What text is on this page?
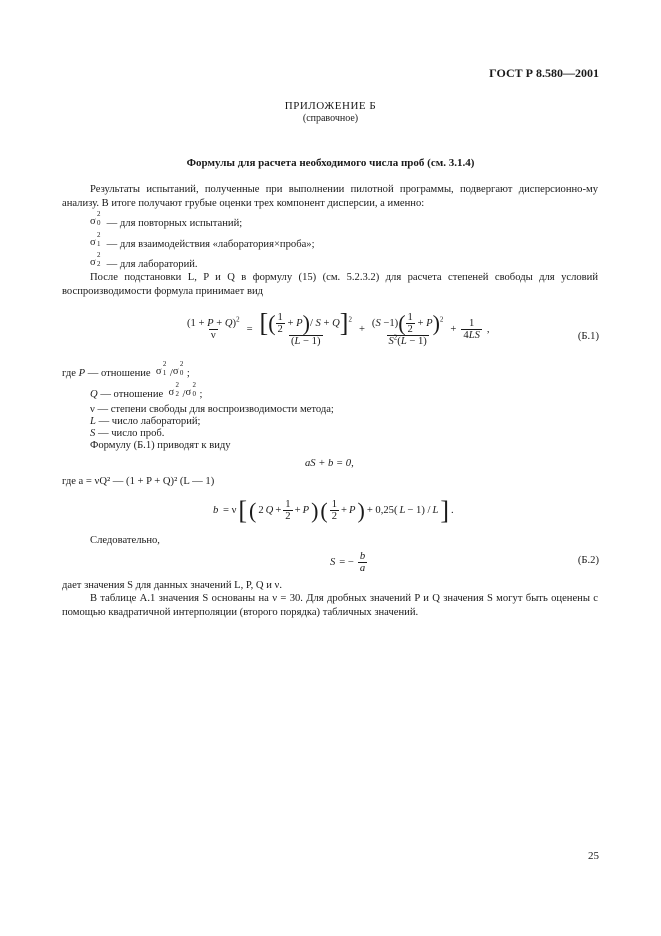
ГОСТ Р 8.580—2001
ПРИЛОЖЕНИЕ Б
(справочное)
Формулы для расчета необходимого числа проб (см. 3.1.4)
Результаты испытаний, полученные при выполнении пилотной программы, подвергают дисперсионно-му анализу. В итоге получают грубые оценки трех компонент дисперсии, а именно:
σ
2
0 — для повторных испытаний;
σ
2
1 — для взаимодействия «лаборатория×проба»;
σ
2
2 — для лабораторий.
После подстановки L, P и Q в формулу (15) (см. 5.2.3.2) для расчета степеней свободы для условий воспроизводимости формула принимает вид
$\frac{(1 + P + Q)^2}{\nu} = \frac{[( \frac{1}{2} + P)/ S + Q]^2}{(L - 1)} + \frac{(S -1)( \frac{1}{2} + P)^2}{S^2(L - 1)} + \frac{1}{4LS}$ ,
(Б.1)
где P — отношение σ
2
1 / σ
2
0 ;
Q — отношение σ
2
2 / σ
2
0 ;
ν — степени свободы для воспроизводимости метода;
L — число лабораторий;
S — число проб.
Формулу (Б.1) приводят к виду
aS + b = 0,
где a = νQ² — (1 + P + Q)² (L — 1)
b = ν [ ( 2 $Q + \frac{1}{2} + P$ ) ( $\frac{1}{2} + P$ ) + 0,25( L − 1) / L ] .
Следовательно,
S = − $\frac{b}{a}$	(Б.2)
дает значения S для данных значений L, P, Q и ν.
В таблице А.1 значения S основаны на ν = 30. Для дробных значений P и Q значения S могут быть оценены с помощью квадратичной интерполяции (второго порядка) табличных значений.
25
